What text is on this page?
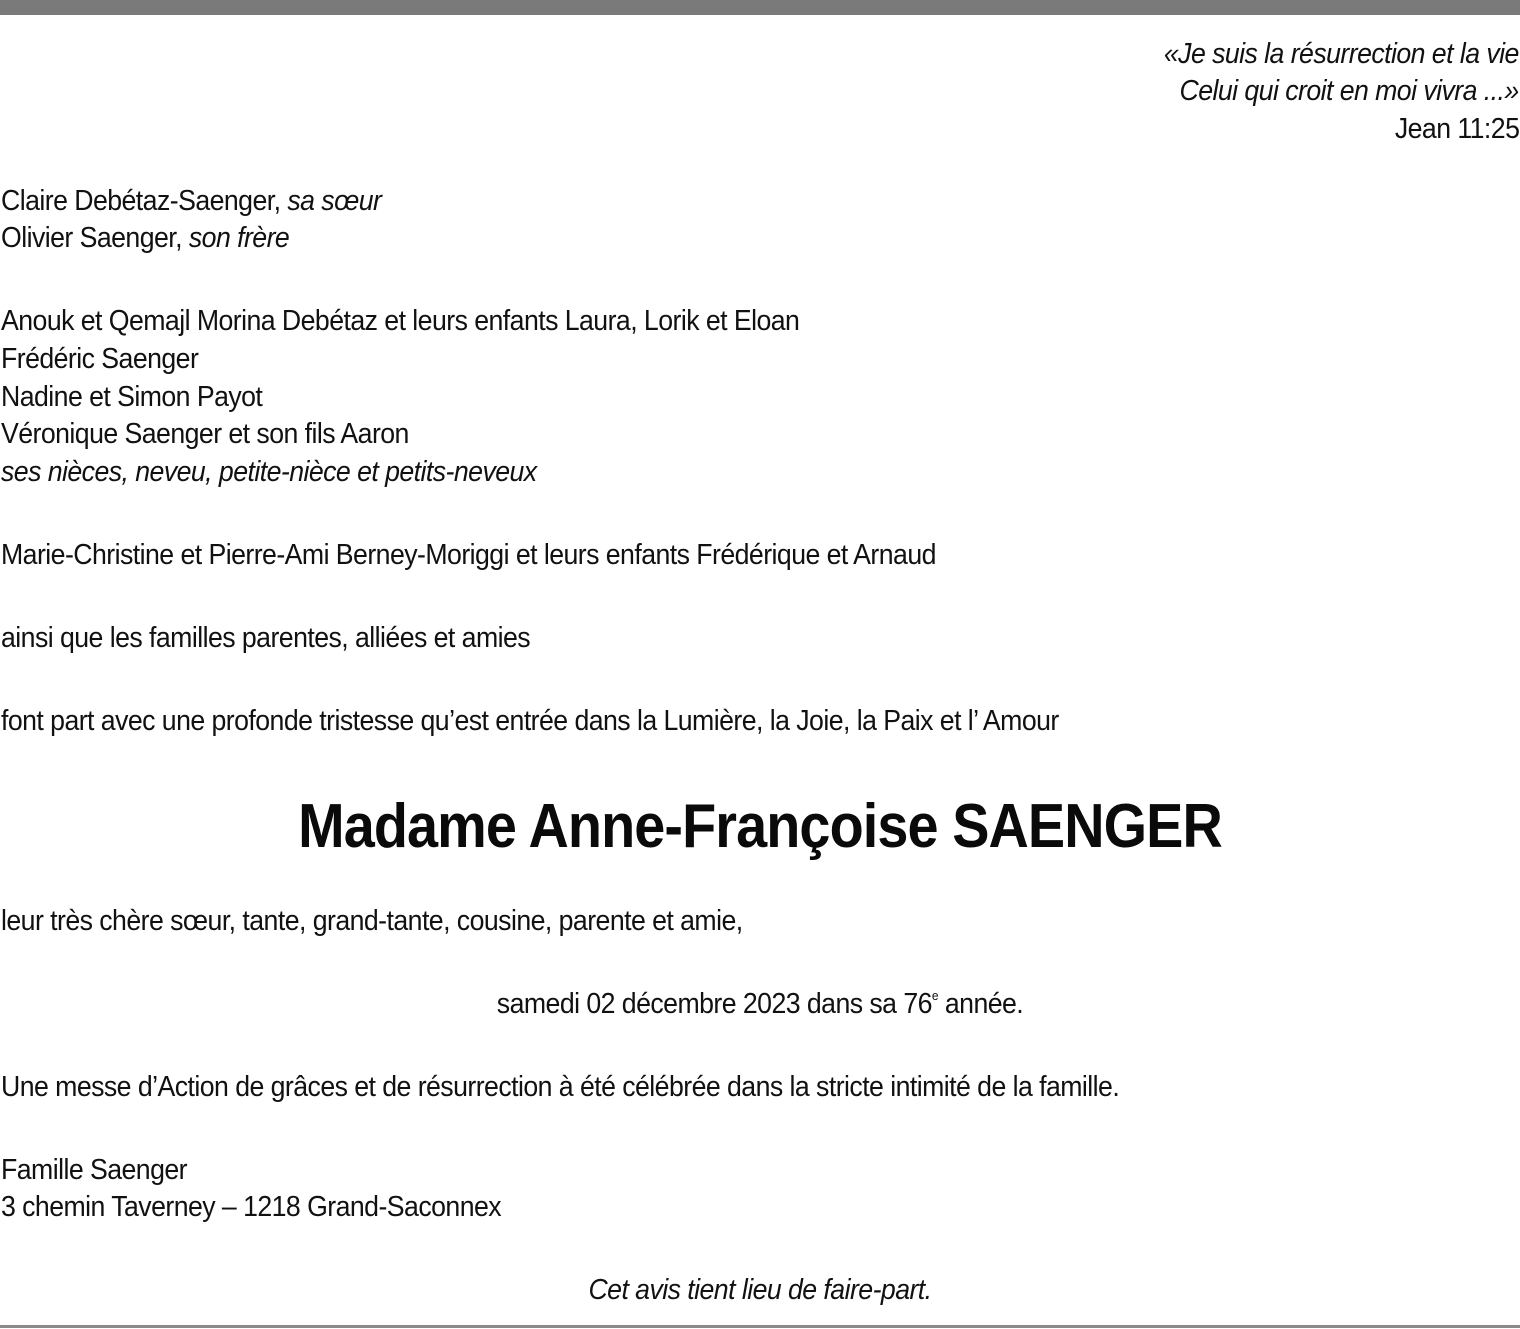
«Je suis la résurrection et la vie
Celui qui croit en moi vivra ...»
Jean 11:25
Claire Debétaz-Saenger, sa sœur
Olivier Saenger, son frère
Anouk et Qemajl Morina Debétaz et leurs enfants Laura, Lorik et Eloan
Frédéric Saenger
Nadine et Simon Payot
Véronique Saenger et son fils Aaron
ses nièces, neveu, petite-nièce et petits-neveux
Marie-Christine et Pierre-Ami Berney-Moriggi et leurs enfants Frédérique et Arnaud
ainsi que les familles parentes, alliées et amies
font part avec une profonde tristesse qu’est entrée dans la Lumière, la Joie, la Paix et l’ Amour
Madame Anne-Françoise SAENGER
leur très chère sœur, tante, grand-tante, cousine, parente et amie,
samedi 02 décembre 2023 dans sa 76e année.
Une messe d’Action de grâces et de résurrection à été célébrée dans la stricte intimité de la famille.
Famille Saenger
3 chemin Taverney – 1218 Grand-Saconnex
Cet avis tient lieu de faire-part.
